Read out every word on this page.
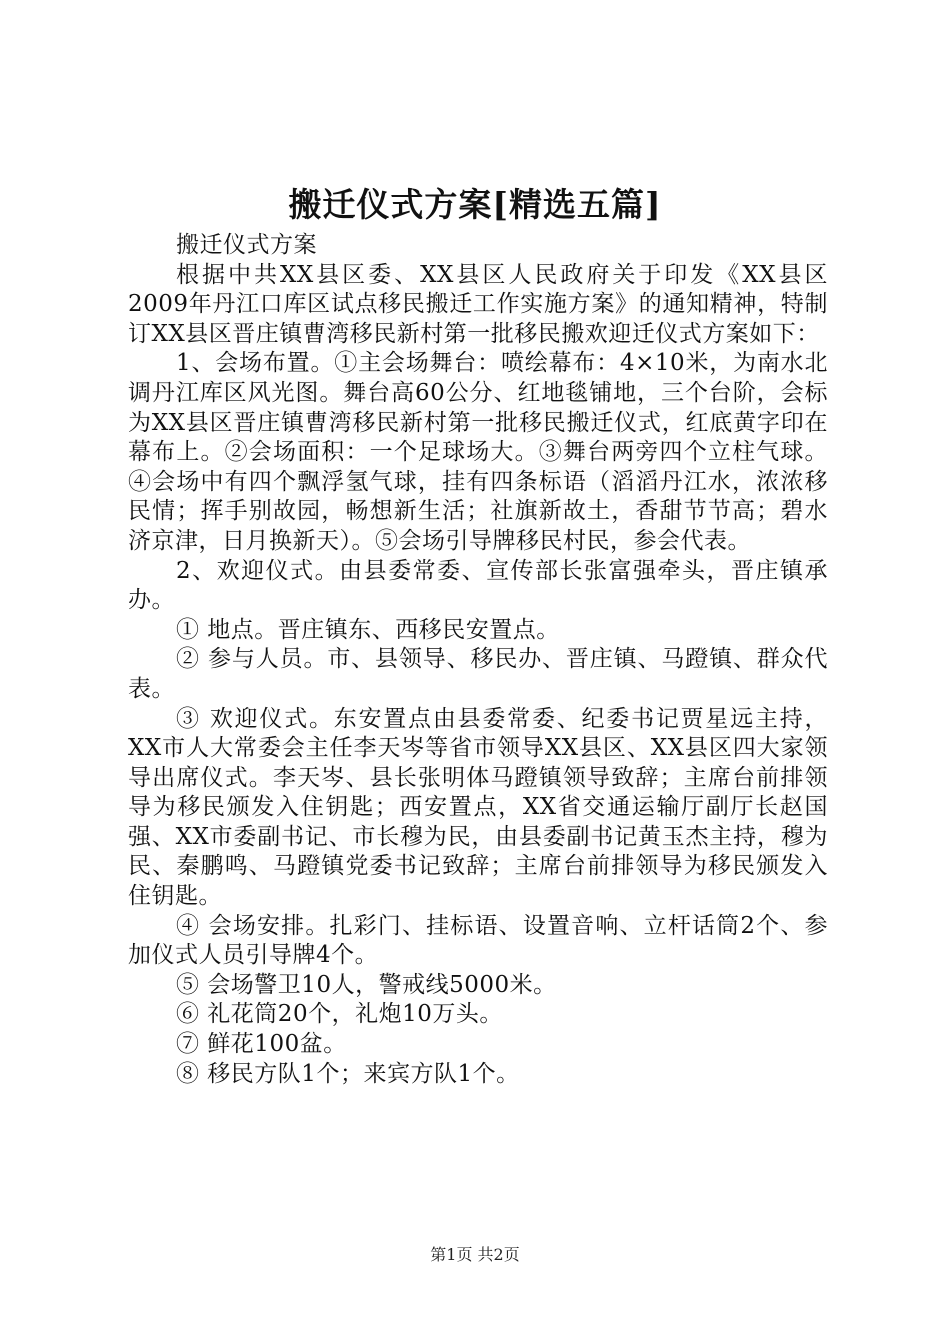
搬迁仪式方案[精选五篇]

搬迁仪式方案

根据中共XX县区委、XX县区人民政府关于印发《XX县区2009年丹江口库区试点移民搬迁工作实施方案》的通知精神，特制订XX县区晋庄镇曹湾移民新村第一批移民搬欢迎迁仪式方案如下：

1、会场布置。①主会场舞台：喷绘幕布：4×10米，为南水北调丹江库区风光图。舞台高60公分、红地毯铺地，三个台阶，会标为XX县区晋庄镇曹湾移民新村第一批移民搬迁仪式，红底黄字印在幕布上。②会场面积：一个足球场大。③舞台两旁四个立柱气球。④会场中有四个飘浮氢气球，挂有四条标语（滔滔丹江水，浓浓移民情；挥手别故园，畅想新生活；社旗新故土，香甜节节高；碧水济京津，日月换新天）。⑤会场引导牌移民村民，参会代表。

2、欢迎仪式。由县委常委、宣传部长张富强牵头，晋庄镇承办。

① 地点。晋庄镇东、西移民安置点。

② 参与人员。市、县领导、移民办、晋庄镇、马蹬镇、群众代表。

③ 欢迎仪式。东安置点由县委常委、纪委书记贾星远主持，XX市人大常委会主任李天岑等省市领导XX县区、XX县区四大家领导出席仪式。李天岑、县长张明体马蹬镇领导致辞；主席台前排领导为移民颁发入住钥匙；西安置点，XX省交通运输厅副厅长赵国强、XX市委副书记、市长穆为民，由县委副书记黄玉杰主持，穆为民、秦鹏鸣、马蹬镇党委书记致辞；主席台前排领导为移民颁发入住钥匙。

④ 会场安排。扎彩门、挂标语、设置音响、立杆话筒2个、参加仪式人员引导牌4个。

⑤ 会场警卫10人，警戒线5000米。

⑥ 礼花筒20个，礼炮10万头。

⑦ 鲜花100盆。

⑧ 移民方队1个；来宾方队1个。

第1页 共2页
